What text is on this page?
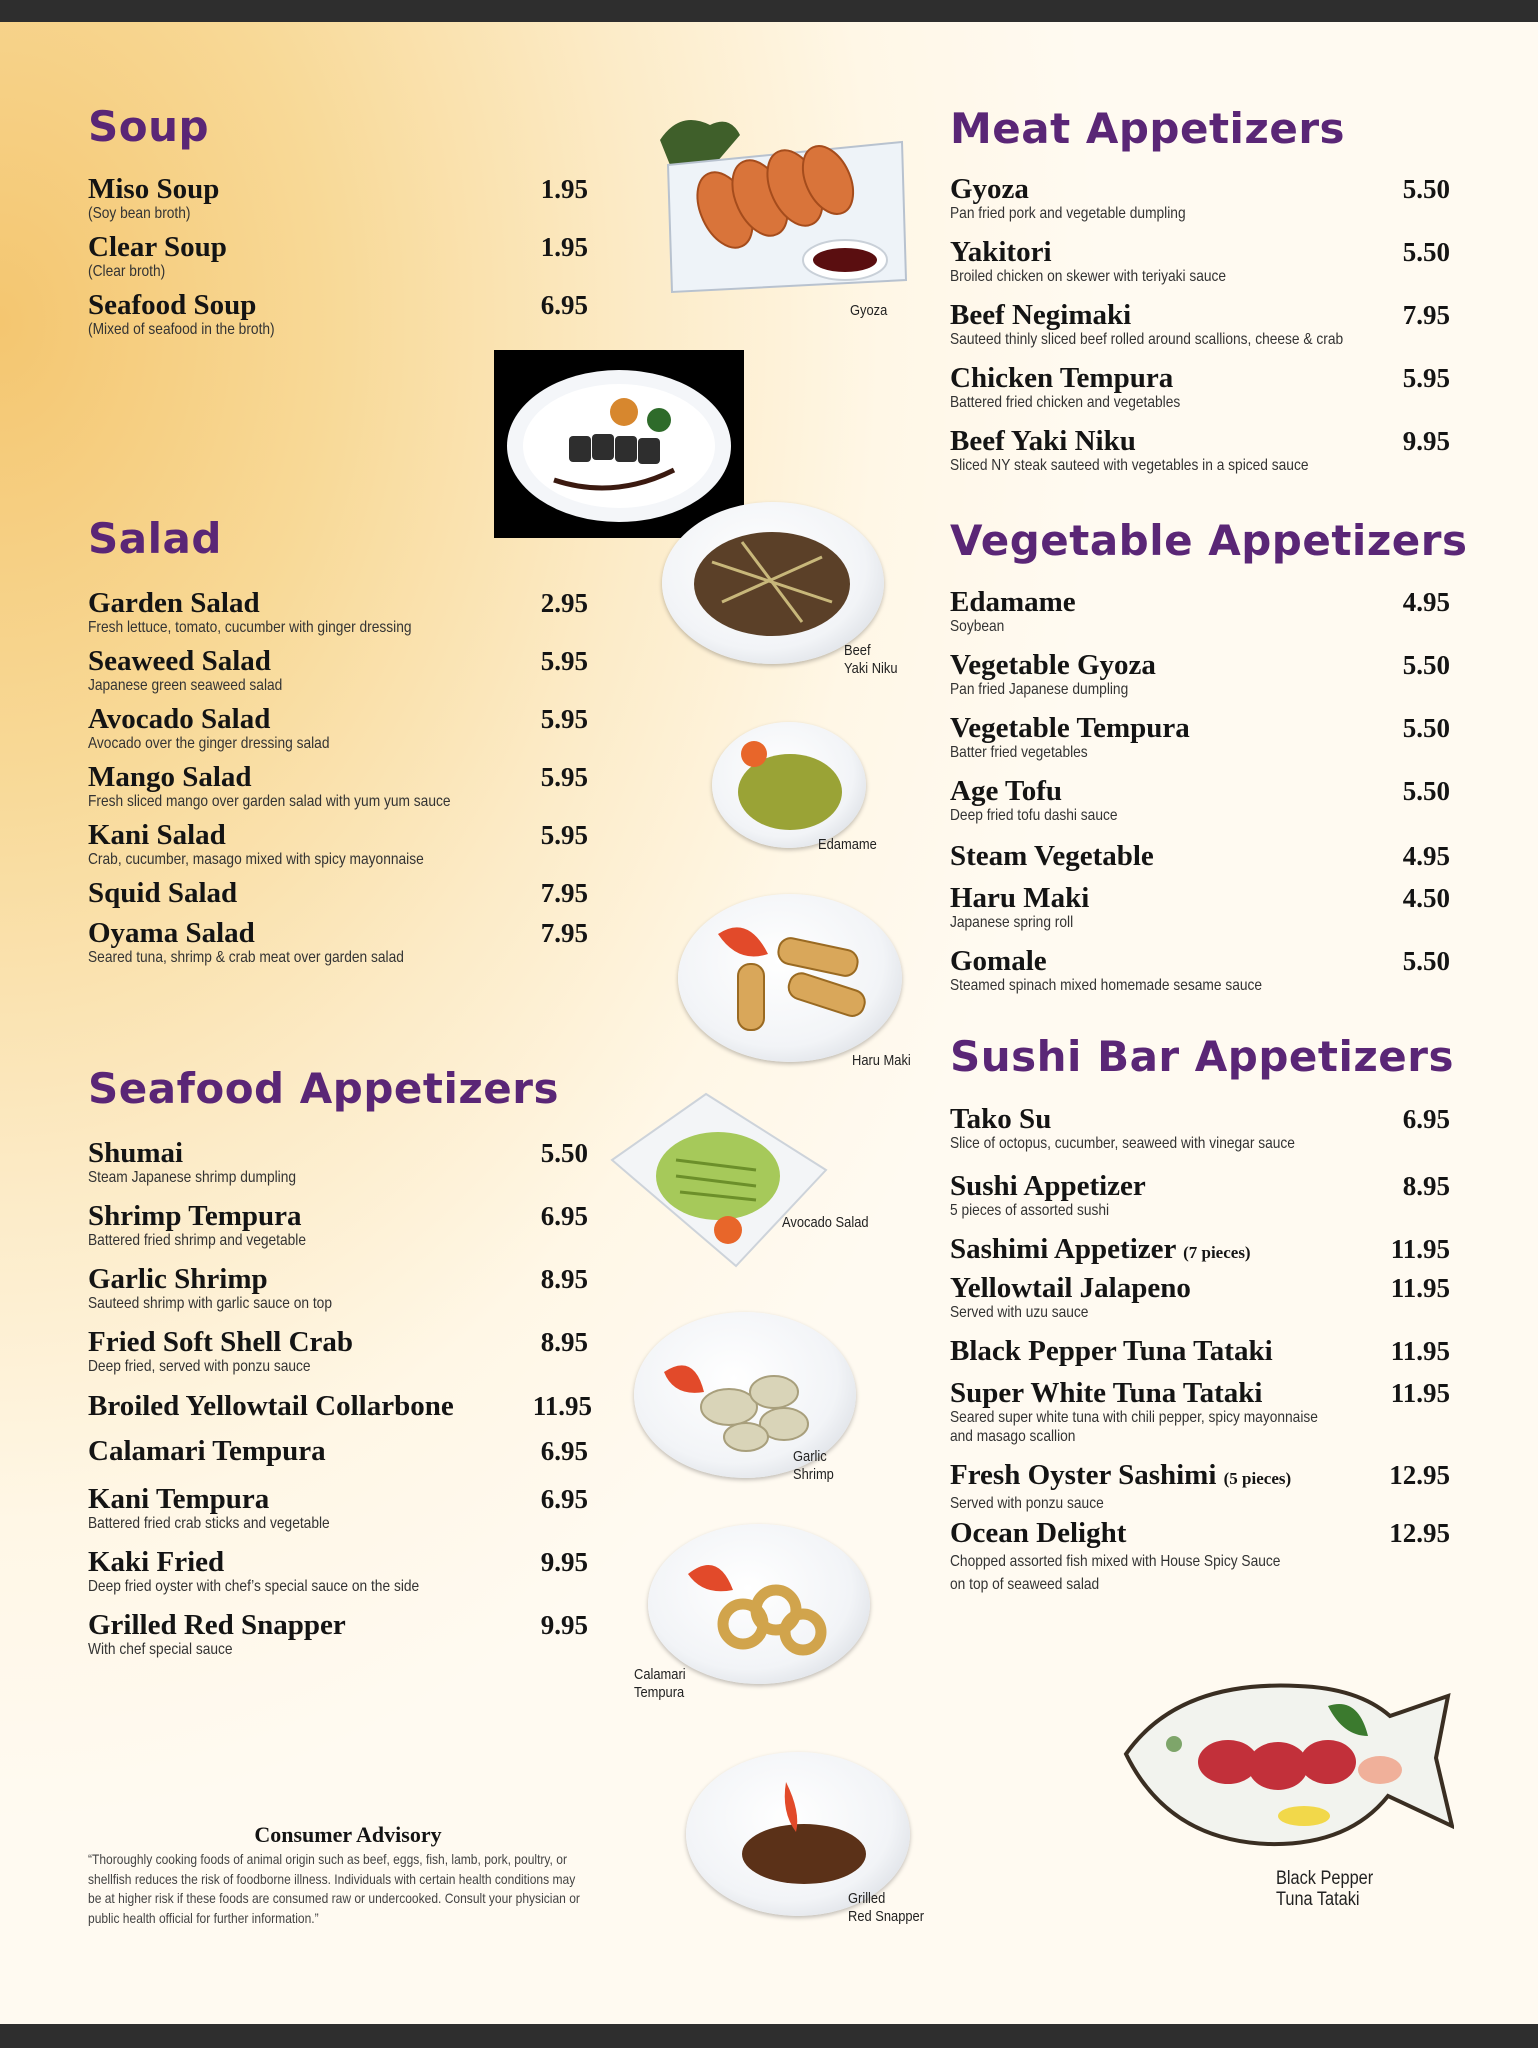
Soup
Miso Soup	1.95
(Soy bean broth)
Clear Soup	1.95
(Clear broth)
Seafood Soup	6.95
(Mixed of seafood in the broth)
Salad
Garden Salad	2.95
Fresh lettuce, tomato, cucumber with ginger dressing
Seaweed Salad	5.95
Japanese green seaweed salad
Avocado Salad	5.95
Avocado over the ginger dressing salad
Mango Salad	5.95
Fresh sliced mango over garden salad with yum yum sauce
Kani Salad	5.95
Crab, cucumber, masago mixed with spicy mayonnaise
Squid Salad	7.95
Oyama Salad	7.95
Seared tuna, shrimp & crab meat over garden salad
Seafood Appetizers
Shumai	5.50
Steam Japanese shrimp dumpling
Shrimp Tempura	6.95
Battered fried shrimp and vegetable
Garlic Shrimp	8.95
Sauteed shrimp with garlic sauce on top
Fried Soft Shell Crab	8.95
Deep fried, served with ponzu sauce
Broiled Yellowtail Collarbone	11.95
Calamari Tempura	6.95
Kani Tempura	6.95
Battered fried crab sticks and vegetable
Kaki Fried	9.95
Deep fried oyster with chef’s special sauce on the side
Grilled Red Snapper	9.95
With chef special sauce
Meat Appetizers
Gyoza	5.50
Pan fried pork and vegetable dumpling
Yakitori	5.50
Broiled chicken on skewer with teriyaki sauce
Beef Negimaki	7.95
Sauteed thinly sliced beef rolled around scallions, cheese & crab
Chicken Tempura	5.95
Battered fried chicken and vegetables
Beef Yaki Niku	9.95
Sliced NY steak sauteed with vegetables in a spiced sauce
Vegetable Appetizers
Edamame	4.95
Soybean
Vegetable Gyoza	5.50
Pan fried Japanese dumpling
Vegetable Tempura	5.50
Batter fried vegetables
Age Tofu	5.50
Deep fried tofu dashi sauce
Steam Vegetable	4.95
Haru Maki	4.50
Japanese spring roll
Gomale	5.50
Steamed spinach mixed homemade sesame sauce
Sushi Bar Appetizers
Tako Su	6.95
Slice of octopus, cucumber, seaweed with vinegar sauce
Sushi Appetizer	8.95
5 pieces of assorted sushi
Sashimi Appetizer (7 pieces)	11.95
Yellowtail Jalapeno	11.95
Served with uzu sauce
Black Pepper Tuna Tataki	11.95
Super White Tuna Tataki	11.95
Seared super white tuna with chili pepper, spicy mayonnaise
and masago scallion
Fresh Oyster Sashimi (5 pieces)	12.95
Served with ponzu sauce
Ocean Delight	12.95
Chopped assorted fish mixed with House Spicy Sauce
on top of seaweed salad
Gyoza
Beef
Yaki Niku
Edamame
Haru Maki
Avocado Salad
Garlic
Shrimp
Calamari
Tempura
Grilled
Red Snapper
Black Pepper
Tuna Tataki
Consumer Advisory
“Thoroughly cooking foods of animal origin such as beef, eggs, fish, lamb, pork, poultry, or
shellfish reduces the risk of foodborne illness. Individuals with certain health conditions may
be at higher risk if these foods are consumed raw or undercooked. Consult your physician or
public health official for further information.”
